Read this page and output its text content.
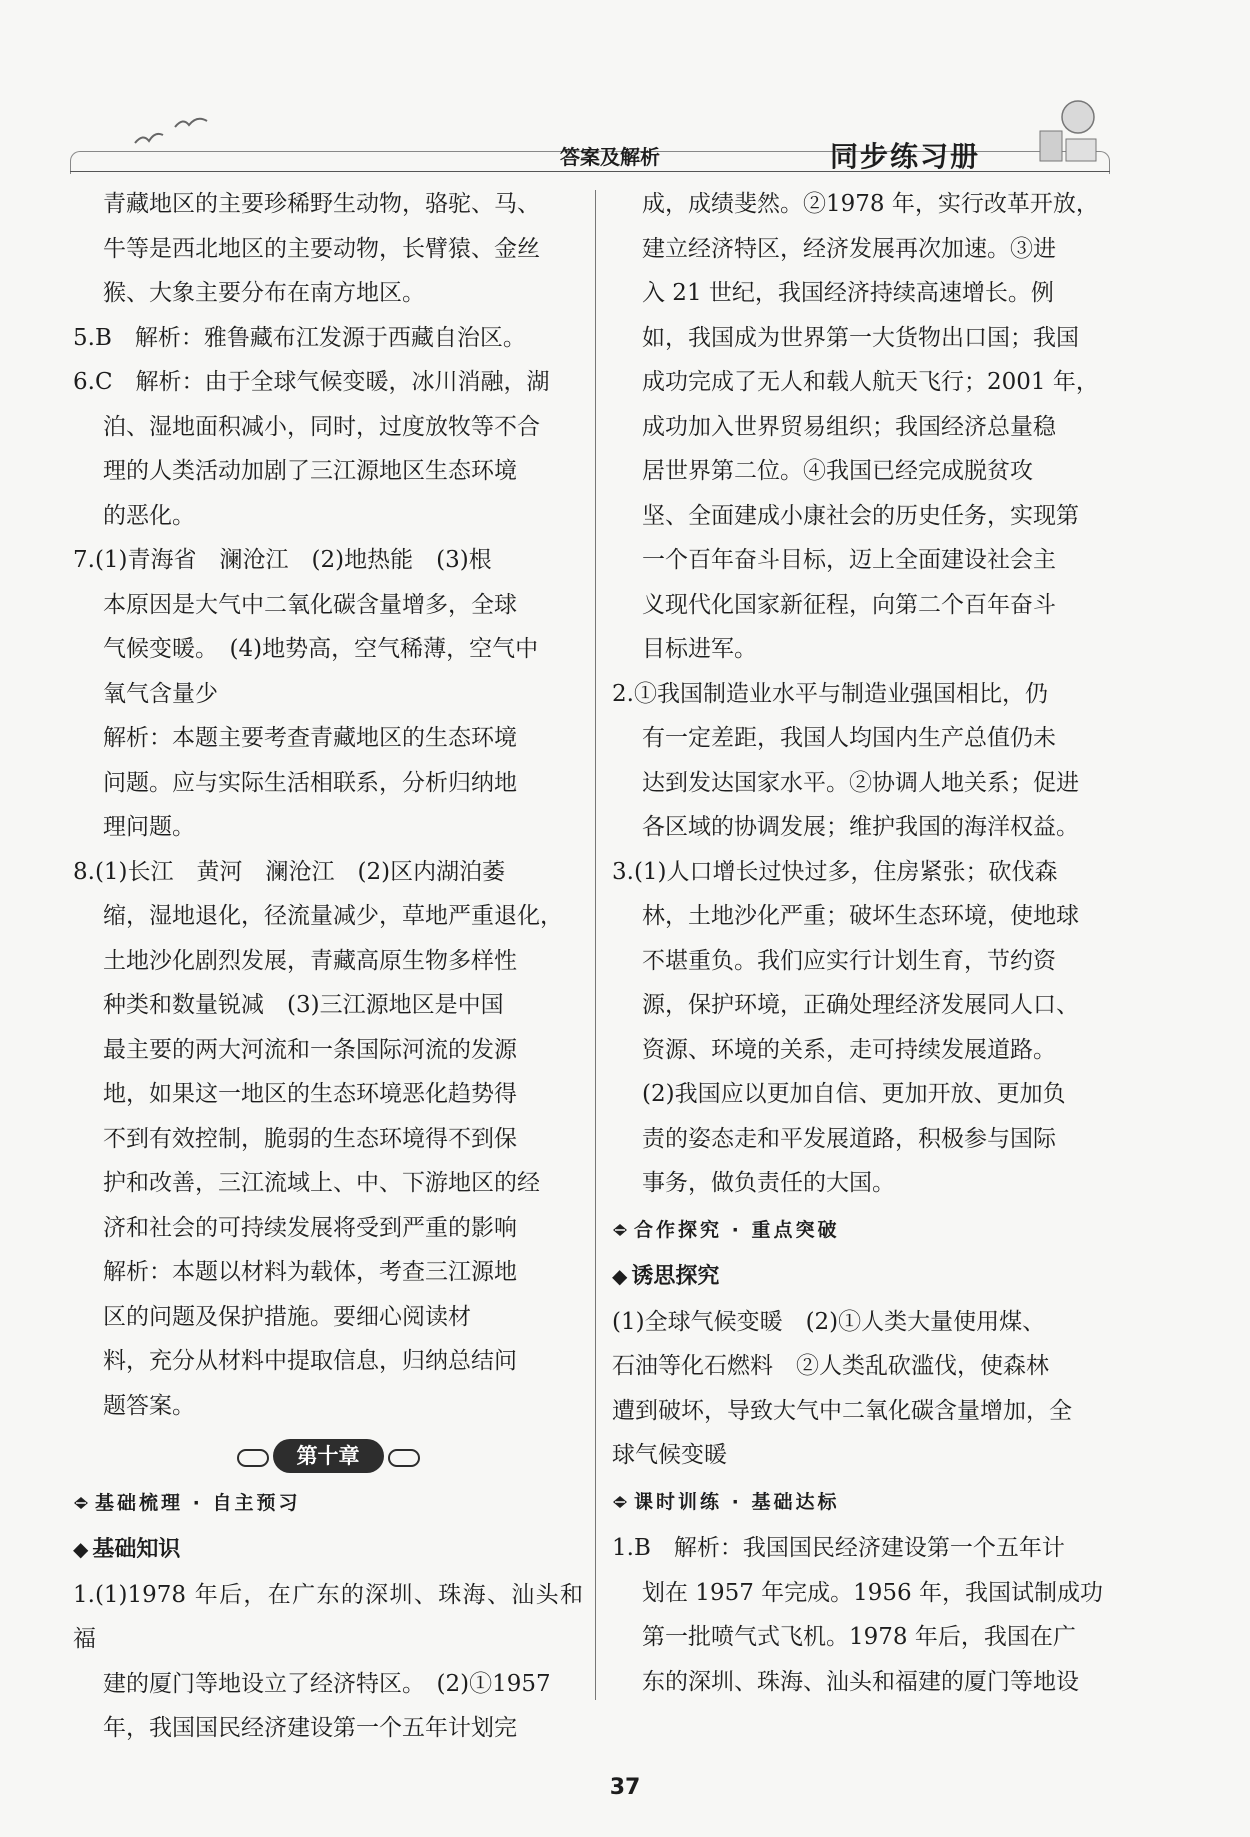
答案及解析	同步练习册

青藏地区的主要珍稀野生动物，骆驼、马、

牛等是西北地区的主要动物，长臂猿、金丝

猴、大象主要分布在南方地区。

5.B　解析：雅鲁藏布江发源于西藏自治区。

6.C　解析：由于全球气候变暖，冰川消融，湖

泊、湿地面积减小，同时，过度放牧等不合

理的人类活动加剧了三江源地区生态环境

的恶化。

7.(1)青海省　澜沧江　(2)地热能　(3)根

本原因是大气中二氧化碳含量增多，全球

气候变暖。　(4)地势高，空气稀薄，空气中

氧气含量少

解析：本题主要考查青藏地区的生态环境

问题。应与实际生活相联系，分析归纳地

理问题。

8.(1)长江　黄河　澜沧江　(2)区内湖泊萎

缩，湿地退化，径流量减少，草地严重退化，

土地沙化剧烈发展，青藏高原生物多样性

种类和数量锐减　(3)三江源地区是中国

最主要的两大河流和一条国际河流的发源

地，如果这一地区的生态环境恶化趋势得

不到有效控制，脆弱的生态环境得不到保

护和改善，三江流域上、中、下游地区的经

济和社会的可持续发展将受到严重的影响

解析：本题以材料为载体，考查三江源地

区的问题及保护措施。要细心阅读材

料，充分从材料中提取信息，归纳总结问

题答案。

第十章
基础梳理 · 自主预习
◆ 基础知识

1.(1)1978 年后，在广东的深圳、珠海、汕头和福

建的厦门等地设立了经济特区。　(2)①1957

年，我国国民经济建设第一个五年计划完

成，成绩斐然。②1978 年，实行改革开放，

建立经济特区，经济发展再次加速。③进

入 21 世纪，我国经济持续高速增长。例

如，我国成为世界第一大货物出口国；我国

成功完成了无人和载人航天飞行；2001 年，

成功加入世界贸易组织；我国经济总量稳

居世界第二位。④我国已经完成脱贫攻

坚、全面建成小康社会的历史任务，实现第

一个百年奋斗目标，迈上全面建设社会主

义现代化国家新征程，向第二个百年奋斗

目标进军。

2.①我国制造业水平与制造业强国相比，仍

有一定差距，我国人均国内生产总值仍未

达到发达国家水平。②协调人地关系；促进

各区域的协调发展；维护我国的海洋权益。

3.(1)人口增长过快过多，住房紧张；砍伐森

林，土地沙化严重；破坏生态环境，使地球

不堪重负。我们应实行计划生育，节约资

源，保护环境，正确处理经济发展同人口、

资源、环境的关系，走可持续发展道路。

(2)我国应以更加自信、更加开放、更加负

责的姿态走和平发展道路，积极参与国际

事务，做负责任的大国。

合作探究 · 重点突破
◆ 诱思探究

(1)全球气候变暖　(2)①人类大量使用煤、

石油等化石燃料　②人类乱砍滥伐，使森林

遭到破坏，导致大气中二氧化碳含量增加，全

球气候变暖

课时训练 · 基础达标

1.B　解析：我国国民经济建设第一个五年计

划在 1957 年完成。1956 年，我国试制成功

第一批喷气式飞机。1978 年后，我国在广

东的深圳、珠海、汕头和福建的厦门等地设

37
